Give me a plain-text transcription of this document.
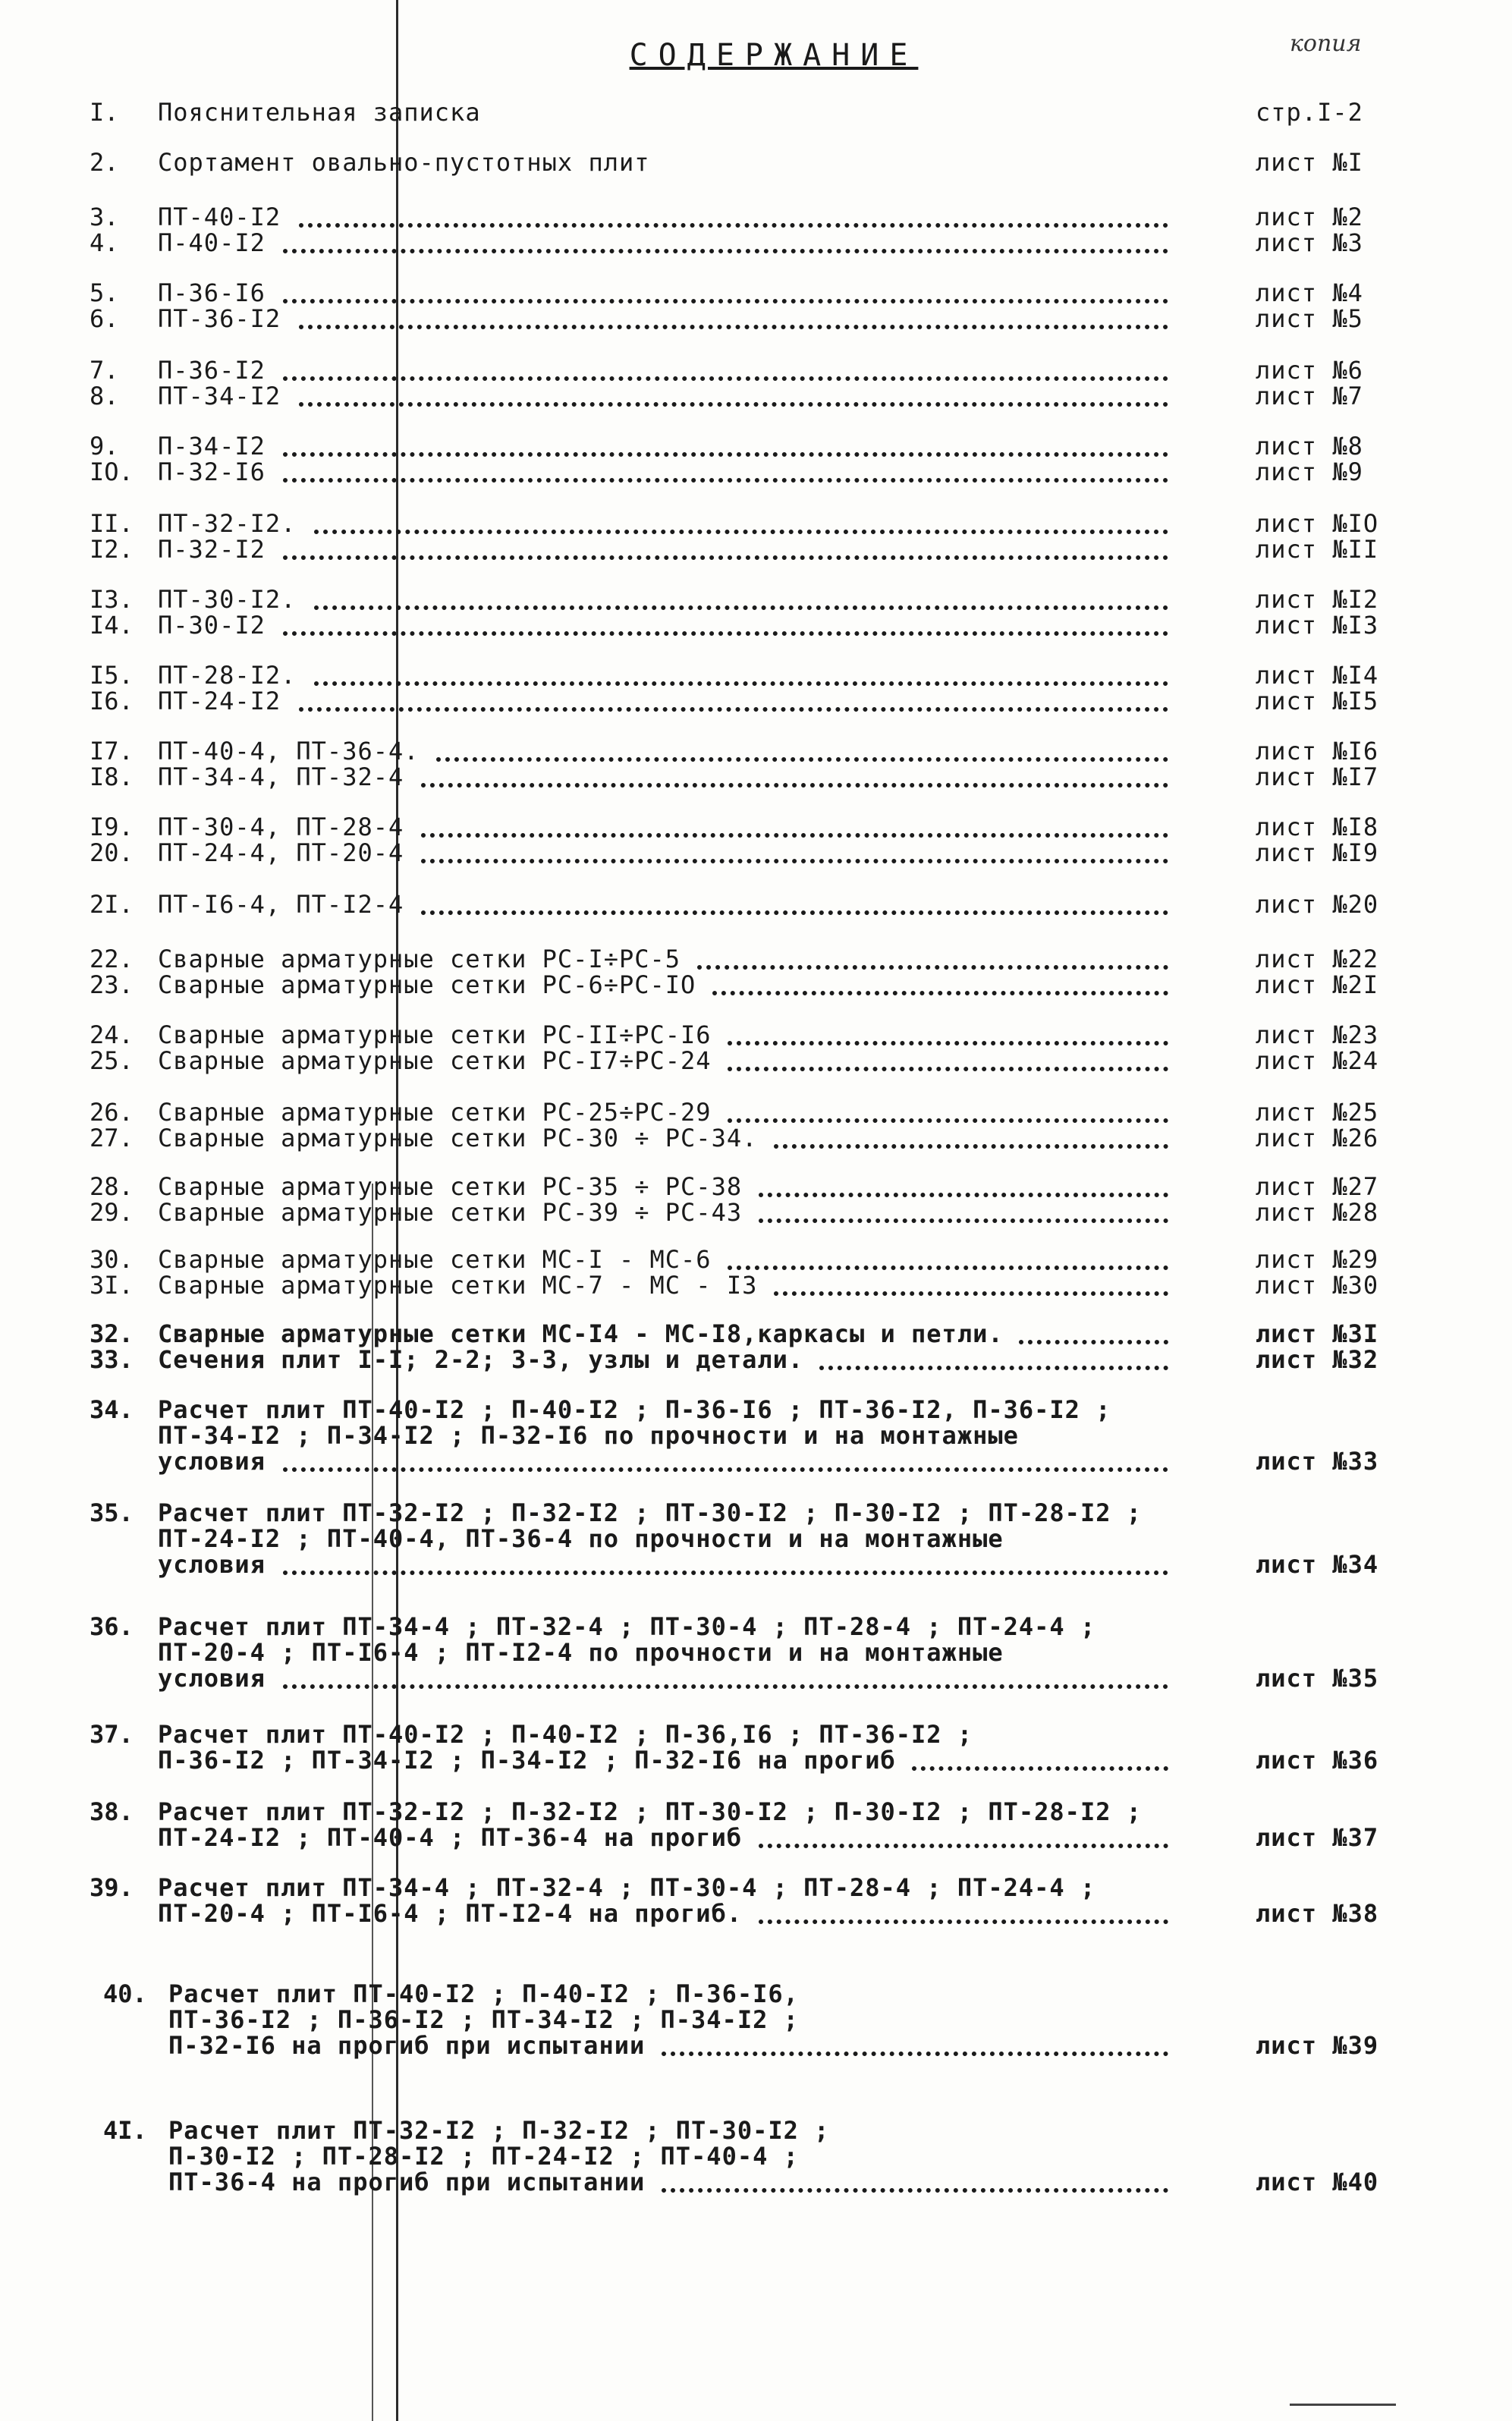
СОДЕРЖАНИЕ	копия
I. Пояснительная записка	стр.I-2
2. Сортамент овально-пустотных плит	лист №I
3. ПТ-40-I2	лист №2
4. П-40-I2	лист №3
5. П-36-I6	лист №4
6. ПТ-36-I2	лист №5
7. П-36-I2	лист №6
8. ПТ-34-I2	лист №7
9. П-34-I2	лист №8
IO. П-32-I6	лист №9
II. ПТ-32-I2.	лист №IO
I2. П-32-I2	лист №II
I3. ПТ-30-I2.	лист №I2
I4. П-30-I2	лист №I3
I5. ПТ-28-I2.	лист №I4
I6. ПТ-24-I2	лист №I5
I7. ПТ-40-4, ПТ-36-4.	лист №I6
I8. ПТ-34-4, ПТ-32-4	лист №I7
I9. ПТ-30-4, ПТ-28-4	лист №I8
20. ПТ-24-4, ПТ-20-4	лист №I9
2I. ПТ-I6-4, ПТ-I2-4	лист №20
22. Сварные арматурные сетки РС-I÷РС-5	лист №22
23. Сварные арматурные сетки РС-6÷РС-IO	лист №2I
24. Сварные арматурные сетки РС-II÷РС-I6	лист №23
25. Сварные арматурные сетки РС-I7÷РС-24	лист №24
26. Сварные арматурные сетки РС-25÷РС-29	лист №25
27. Сварные арматурные сетки РС-30 ÷ РС-34.	лист №26
28. Сварные арматурные сетки РС-35 ÷ РС-38	лист №27
29. Сварные арматурные сетки РС-39 ÷ РС-43	лист №28
30. Сварные арматурные сетки МС-I - МС-6	лист №29
3I. Сварные арматурные сетки МС-7 - МС - I3	лист №30
32. Сварные арматурные сетки МС-I4 - МС-I8,каркасы и петли.	лист №3I
33. Сечения плит I-I; 2-2; 3-3, узлы и детали.	лист №32
34. Расчет плит ПТ-40-I2 ; П-40-I2 ; П-36-I6 ; ПТ-36-I2, П-36-I2 ;
ПТ-34-I2 ; П-34-I2 ; П-32-I6 по прочности и на монтажные
условия	лист №33
35. Расчет плит ПТ-32-I2 ; П-32-I2 ; ПТ-30-I2 ; П-30-I2 ; ПТ-28-I2 ;
ПТ-24-I2 ; ПТ-40-4, ПТ-36-4 по прочности и на монтажные
условия	лист №34
36. Расчет плит ПТ-34-4 ; ПТ-32-4 ; ПТ-30-4 ; ПТ-28-4 ; ПТ-24-4 ;
ПТ-20-4 ; ПТ-I6-4 ; ПТ-I2-4 по прочности и на монтажные
условия	лист №35
37. Расчет плит ПТ-40-I2 ; П-40-I2 ; П-36,I6 ; ПТ-36-I2 ;
П-36-I2 ; ПТ-34-I2 ; П-34-I2 ; П-32-I6 на прогиб	лист №36
38. Расчет плит ПТ-32-I2 ; П-32-I2 ; ПТ-30-I2 ; П-30-I2 ; ПТ-28-I2 ;
ПТ-24-I2 ; ПТ-40-4 ; ПТ-36-4 на прогиб	лист №37
39. Расчет плит ПТ-34-4 ; ПТ-32-4 ; ПТ-30-4 ; ПТ-28-4 ; ПТ-24-4 ;
ПТ-20-4 ; ПТ-I6-4 ; ПТ-I2-4 на прогиб.	лист №38
40. Расчет плит ПТ-40-I2 ; П-40-I2 ; П-36-I6,
ПТ-36-I2 ; П-36-I2 ; ПТ-34-I2 ; П-34-I2 ;
П-32-I6 на прогиб при испытании	лист №39
4I. Расчет плит ПТ-32-I2 ; П-32-I2 ; ПТ-30-I2 ;
П-30-I2 ; ПТ-28-I2 ; ПТ-24-I2 ; ПТ-40-4 ;
ПТ-36-4 на прогиб при испытании	лист №40
